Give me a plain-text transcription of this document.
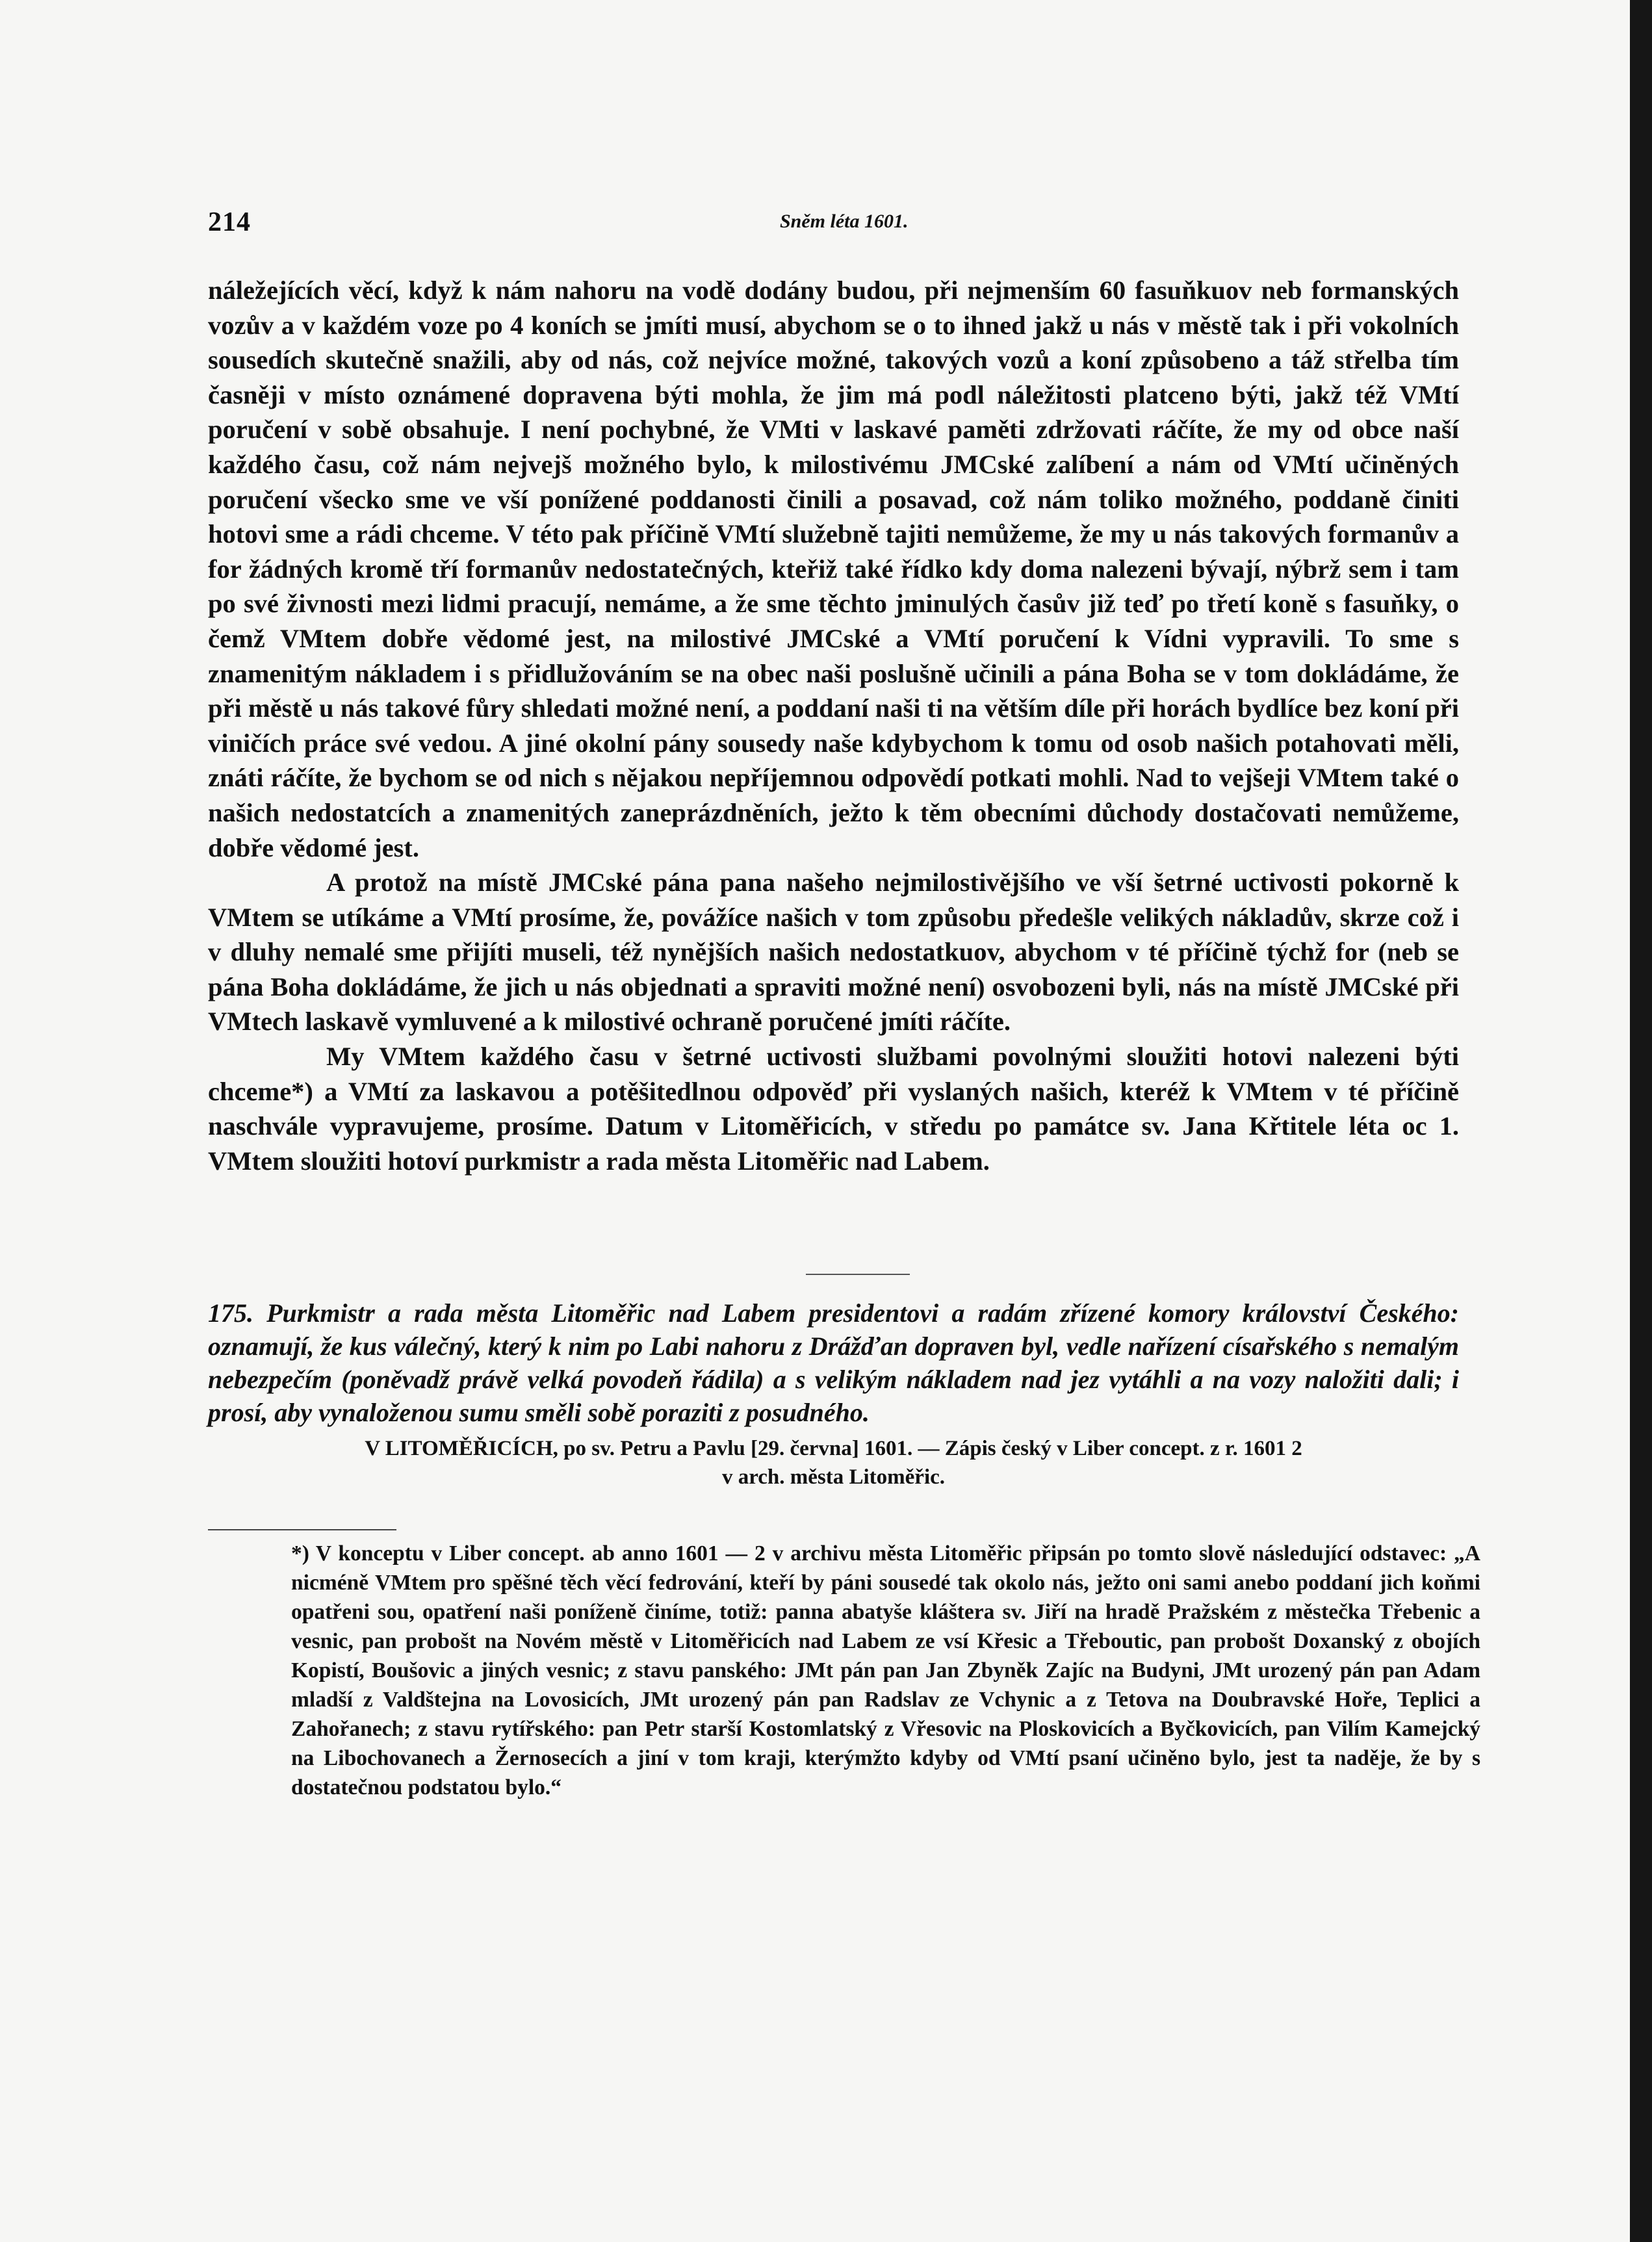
214	Sněm léta 1601.

náležejících věcí, když k nám nahoru na vodě dodány budou, při nejmenším 60 fasuňkuov neb formanských vozův a v každém voze po 4 koních se jmíti musí, abychom se o to ihned jakž u nás v městě tak i při vokolních sousedích skutečně snažili, aby od nás, což nejvíce možné, takových vozů a koní způsobeno a táž střelba tím časněji v místo oznámené dopravena býti mohla, že jim má podl náležitosti platceno býti, jakž též VMtí poručení v sobě obsahuje. I není pochybné, že VMti v laskavé paměti zdržovati ráčíte, že my od obce naší každého času, což nám nejvejš možného bylo, k milostivému JMCské zalíbení a nám od VMtí učiněných poručení všecko sme ve vší ponížené poddanosti činili a posavad, což nám toliko možného, poddaně činiti hotovi sme a rádi chceme. V této pak příčině VMtí služebně tajiti nemůžeme, že my u nás takových formanův a for žádných kromě tří formanův nedostatečných, kteřiž také řídko kdy doma nalezeni bývají, nýbrž sem i tam po své živnosti mezi lidmi pracují, nemáme, a že sme těchto jminulých časův již teď po třetí koně s fasuňky, o čemž VMtem dobře vědomé jest, na milostivé JMCské a VMtí poručení k Vídni vypravili. To sme s znamenitým nákladem i s přidlužováním se na obec naši poslušně učinili a pána Boha se v tom dokládáme, že při městě u nás takové fůry shledati možné není, a poddaní naši ti na větším díle při horách bydlíce bez koní při viničích práce své vedou. A jiné okolní pány sousedy naše kdybychom k tomu od osob našich potahovati měli, znáti ráčíte, že bychom se od nich s nějakou nepříjemnou odpovědí potkati mohli. Nad to vejšeji VMtem také o našich nedostatcích a znamenitých zaneprázdněních, ježto k těm obecními důchody dostačovati nemůžeme, dobře vědomé jest.

A protož na místě JMCské pána pana našeho nejmilostivějšího ve vší šetrné uctivosti pokorně k VMtem se utíkáme a VMtí prosíme, že, povážíce našich v tom způsobu předešle velikých nákladův, skrze což i v dluhy nemalé sme přijíti museli, též nynějších našich nedostatkuov, abychom v té příčině týchž for (neb se pána Boha dokládáme, že jich u nás objednati a spraviti možné není) osvobozeni byli, nás na místě JMCské při VMtech laskavě vymluvené a k milostivé ochraně poručené jmíti ráčíte.

My VMtem každého času v šetrné uctivosti službami povolnými sloužiti hotovi nalezeni býti chceme*) a VMtí za laskavou a potěšitedlnou odpověď při vyslaných našich, kteréž k VMtem v té příčině naschvále vypravujeme, prosíme. Datum v Litoměřicích, v středu po památce sv. Jana Křtitele léta oc 1. VMtem sloužiti hotoví purkmistr a rada města Litoměřic nad Labem.

175. Purkmistr a rada města Litoměřic nad Labem presidentovi a radám zřízené komory království Českého: oznamují, že kus válečný, který k nim po Labi nahoru z Drážďan dopraven byl, vedle nařízení císařského s nemalým nebezpečím (poněvadž právě velká povodeň řádila) a s velikým nákladem nad jez vytáhli a na vozy naložiti dali; i prosí, aby vynaloženou sumu směli sobě poraziti z posudného.

V LITOMĚŘICÍCH, po sv. Petru a Pavlu [29. června] 1601. — Zápis český v Liber concept. z r. 1601 2
v arch. města Litoměřic.

*) V konceptu v Liber concept. ab anno 1601 — 2 v archivu města Litoměřic připsán po tomto slově následující odstavec: „A nicméně VMtem pro spěšné těch věcí fedrování, kteří by páni sousedé tak okolo nás, ježto oni sami anebo poddaní jich koňmi opatřeni sou, opatření naši poníženě činíme, totiž: panna abatyše kláštera sv. Jiří na hradě Pražském z městečka Třebenic a vesnic, pan probošt na Novém městě v Litoměřicích nad Labem ze vsí Křesic a Třeboutic, pan probošt Doxanský z obojích Kopistí, Boušovic a jiných vesnic; z stavu panského: JMt pán pan Jan Zbyněk Zajíc na Budyni, JMt urozený pán pan Adam mladší z Valdštejna na Lovosicích, JMt urozený pán pan Radslav ze Vchynic a z Tetova na Doubravské Hoře, Teplici a Zahořanech; z stavu rytířského: pan Petr starší Kostomlatský z Vřesovic na Ploskovicích a Byčkovicích, pan Vilím Kamejcký na Libochovanech a Žernosecích a jiní v tom kraji, kterýmžto kdyby od VMtí psaní učiněno bylo, jest ta naděje, že by s dostatečnou podstatou bylo.“
